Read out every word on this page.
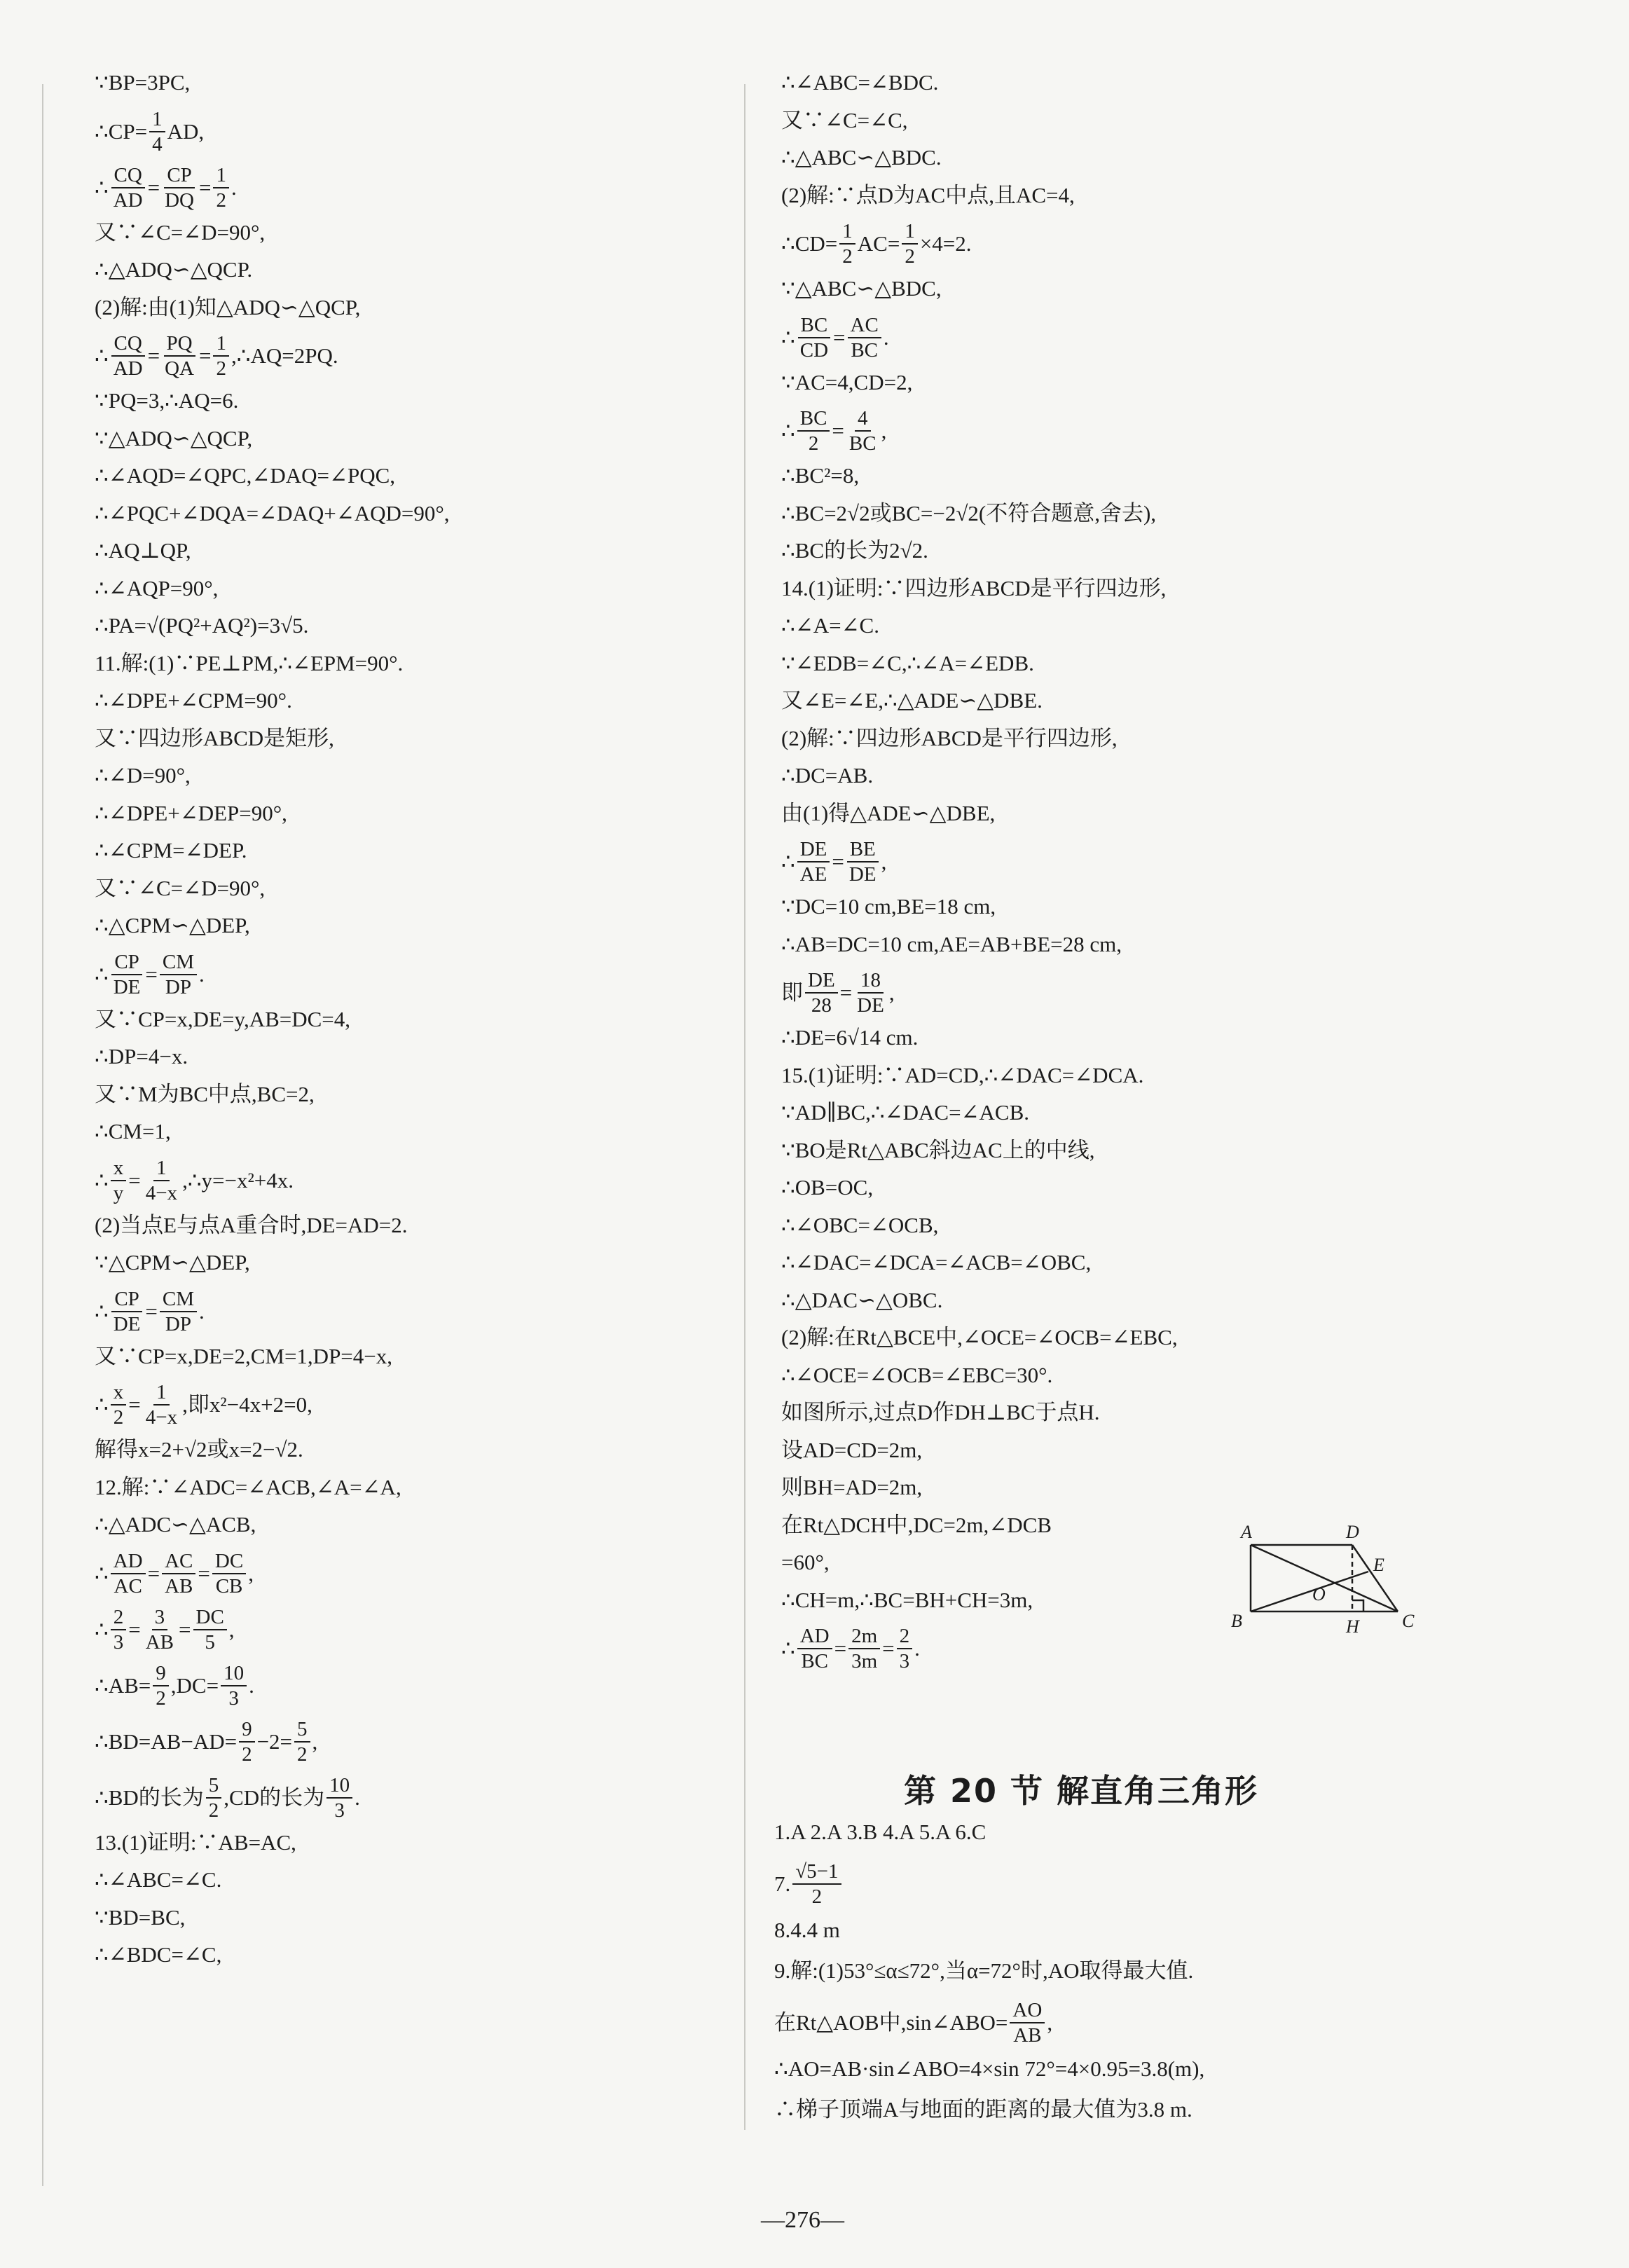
∵BP=3PC,
∴CP= $\frac{1}{4}$ AD,
∴ $\frac{CQ}{AD} = \frac{CP}{DQ} = \frac{1}{2}$ .
又∵∠C=∠D=90°,
∴△ADQ∽△QCP.
(2)解:由(1)知△ADQ∽△QCP,
∴ $\frac{CQ}{AD} = \frac{PQ}{QA} = \frac{1}{2}$ ,∴AQ=2PQ.
∵PQ=3,∴AQ=6.
∵△ADQ∽△QCP,
∴∠AQD=∠QPC,∠DAQ=∠PQC,
∴∠PQC+∠DQA=∠DAQ+∠AQD=90°,
∴AQ⊥QP,
∴∠AQP=90°,
∴PA=√(PQ²+AQ²)=3√5.
11.解:(1)∵PE⊥PM,∴∠EPM=90°.
∴∠DPE+∠CPM=90°.
又∵四边形ABCD是矩形,
∴∠D=90°,
∴∠DPE+∠DEP=90°,
∴∠CPM=∠DEP.
又∵∠C=∠D=90°,
∴△CPM∽△DEP,
∴ $\frac{CP}{DE} = \frac{CM}{DP}$ .
又∵CP=x,DE=y,AB=DC=4,
∴DP=4−x.
又∵M为BC中点,BC=2,
∴CM=1,
∴ $\frac{x}{y} = \frac{1}{4-x}$ ,∴y=−x²+4x.
(2)当点E与点A重合时,DE=AD=2.
∵△CPM∽△DEP,
∴ $\frac{CP}{DE} = \frac{CM}{DP}$ .
又∵CP=x,DE=2,CM=1,DP=4−x,
∴ $\frac{x}{2} = \frac{1}{4-x}$ ,即x²−4x+2=0,
解得x=2+√2或x=2−√2.
12.解:∵∠ADC=∠ACB,∠A=∠A,
∴△ADC∽△ACB,
∴ $\frac{AD}{AC} = \frac{AC}{AB} = \frac{DC}{CB}$ ,
∴ $\frac{2}{3} = \frac{3}{AB} = \frac{DC}{5}$ ,
∴AB= $\frac{9}{2} ,DC= \frac{10}{3}$ .
∴BD=AB−AD= $\frac{9}{2} -2= \frac{5}{2}$ ,
∴BD的长为 $\frac{5}{2} ,CD$的长为 $\frac{10}{3}$ .
13.(1)证明:∵AB=AC,
∴∠ABC=∠C.
∵BD=BC,
∴∠BDC=∠C,
∴∠ABC=∠BDC.
又∵∠C=∠C,
∴△ABC∽△BDC.
(2)解:∵点D为AC中点,且AC=4,
∴CD= $\frac{1}{2} AC= \frac{1}{2} \times 4=2$.
∵△ABC∽△BDC,
∴ $\frac{BC}{CD} = \frac{AC}{BC}$ .
∵AC=4,CD=2,
∴ $\frac{BC}{2} = \frac{4}{BC}$ ,
∴BC²=8,
∴BC=2√2或BC=−2√2(不符合题意,舍去),
∴BC的长为2√2.
14.(1)证明:∵四边形ABCD是平行四边形,
∴∠A=∠C.
∵∠EDB=∠C,∴∠A=∠EDB.
又∠E=∠E,∴△ADE∽△DBE.
(2)解:∵四边形ABCD是平行四边形,
∴DC=AB.
由(1)得△ADE∽△DBE,
∴ $\frac{DE}{AE} = \frac{BE}{DE}$ ,
∵DC=10 cm,BE=18 cm,
∴AB=DC=10 cm,AE=AB+BE=28 cm,
即 $\frac{DE}{28} = \frac{18}{DE}$ ,
∴DE=6√14 cm.
15.(1)证明:∵AD=CD,∴∠DAC=∠DCA.
∵AD∥BC,∴∠DAC=∠ACB.
∵BO是Rt△ABC斜边AC上的中线,
∴OB=OC,
∴∠OBC=∠OCB,
∴∠DAC=∠DCA=∠ACB=∠OBC,
∴△DAC∽△OBC.
(2)解:在Rt△BCE中,∠OCE=∠OCB=∠EBC,
∴∠OCE=∠OCB=∠EBC=30°.
如图所示,过点D作DH⊥BC于点H.
设AD=CD=2m,
则BH=AD=2m,
在Rt△DCH中,DC=2m,∠DCB
=60°,
∴CH=m,∴BC=BH+CH=3m,
∴ $\frac{AD}{BC} = \frac{2m}{3m} = \frac{2}{3}$ .
第 20 节 解直角三角形
A	D
E
O
B	H C
—276—
1.A 2.A 3.B 4.A 5.A 6.C
7. $\frac{√5-1}{2}$
8.4.4 m
9.解:(1)53°≤α≤72°,当α=72°时,AO取得最大值.
在Rt△AOB中,sin∠ABO= $\frac{AO}{AB}$ ,
∴AO=AB·sin∠ABO=4×sin 72°=4×0.95=3.8(m),
∴梯子顶端A与地面的距离的最大值为3.8 m.
